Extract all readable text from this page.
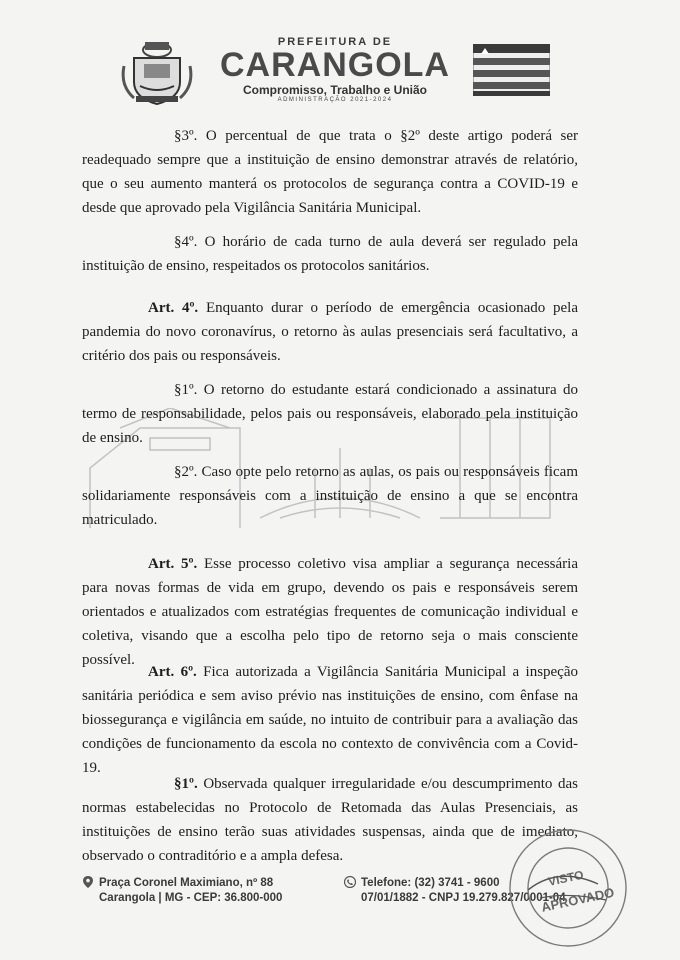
PREFEITURA DE
CARANGOLA
Compromisso, Trabalho e União
ADMINISTRAÇÃO 2021-2024

§3º. O percentual de que trata o §2º deste artigo poderá ser readequado sempre que a instituição de ensino demonstrar através de relatório, que o seu aumento manterá os protocolos de segurança contra a COVID-19 e desde que aprovado pela Vigilância Sanitária Municipal.

§4º. O horário de cada turno de aula deverá ser regulado pela instituição de ensino, respeitados os protocolos sanitários.

Art. 4º. Enquanto durar o período de emergência ocasionado pela pandemia do novo coronavírus, o retorno às aulas presenciais será facultativo, a critério dos pais ou responsáveis.

§1º. O retorno do estudante estará condicionado a assinatura do termo de responsabilidade, pelos pais ou responsáveis, elaborado pela instituição de ensino.

§2º. Caso opte pelo retorno as aulas, os pais ou responsáveis ficam solidariamente responsáveis com a instituição de ensino a que se encontra matriculado.

Art. 5º. Esse processo coletivo visa ampliar a segurança necessária para novas formas de vida em grupo, devendo os pais e responsáveis serem orientados e atualizados com estratégias frequentes de comunicação individual e coletiva, visando que a escolha pelo tipo de retorno seja o mais consciente possível.

Art. 6º. Fica autorizada a Vigilância Sanitária Municipal a inspeção sanitária periódica e sem aviso prévio nas instituições de ensino, com ênfase na biossegurança e vigilância em saúde, no intuito de contribuir para a avaliação das condições de funcionamento da escola no contexto de convivência com a Covid-19.

§1º. Observada qualquer irregularidade e/ou descumprimento das normas estabelecidas no Protocolo de Retomada das Aulas Presenciais, as instituições de ensino terão suas atividades suspensas, ainda que de imediato, observado o contraditório e a ampla defesa.

Praça Coronel Maximiano, nº 88
Carangola | MG - CEP: 36.800-000
Telefone: (32) 3741 - 9600
07/01/1882 - CNPJ 19.279.827/0001-04
VISTO
APROVADO
